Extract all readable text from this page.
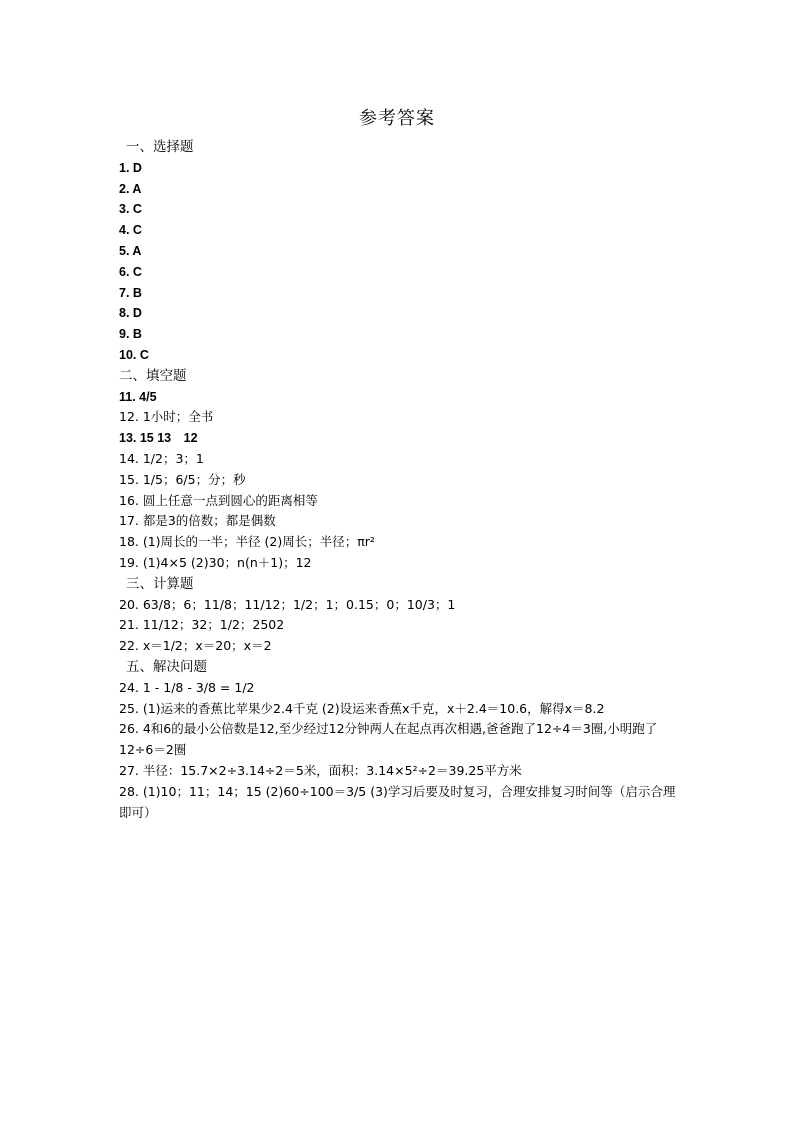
参考答案

一、选择题

1. D

2. A

3. C

4. C

5. A

6. C

7. B

8. D

9. B

10. C

二、填空题

11. 4/5

12. 1小时；全书

13. 15 13　12

14. 1/2；3；1

15. 1/5；6/5；分；秒

16. 圆上任意一点到圆心的距离相等

17. 都是3的倍数；都是偶数

18. (1)周长的一半；半径 (2)周长；半径；πr²

19. (1)4×5 (2)30；n(n＋1)；12

三、计算题

20. 63/8；6；11/8；11/12；1/2；1；0.15；0；10/3；1

21. 11/12；32；1/2；2502

22. x＝1/2；x＝20；x＝2

五、解决问题

24. 1 - 1/8 - 3/8 = 1/2

25. (1)运来的香蕉比苹果少2.4千克 (2)设运来香蕉x千克，x＋2.4＝10.6，解得x＝8.2

26. 4和6的最小公倍数是12,至少经过12分钟两人在起点再次相遇,爸爸跑了12÷4＝3圈,小明跑了12÷6＝2圈

27. 半径：15.7×2÷3.14÷2＝5米，面积：3.14×5²÷2＝39.25平方米

28. (1)10；11；14；15 (2)60÷100＝3/5 (3)学习后要及时复习，合理安排复习时间等（启示合理即可）
